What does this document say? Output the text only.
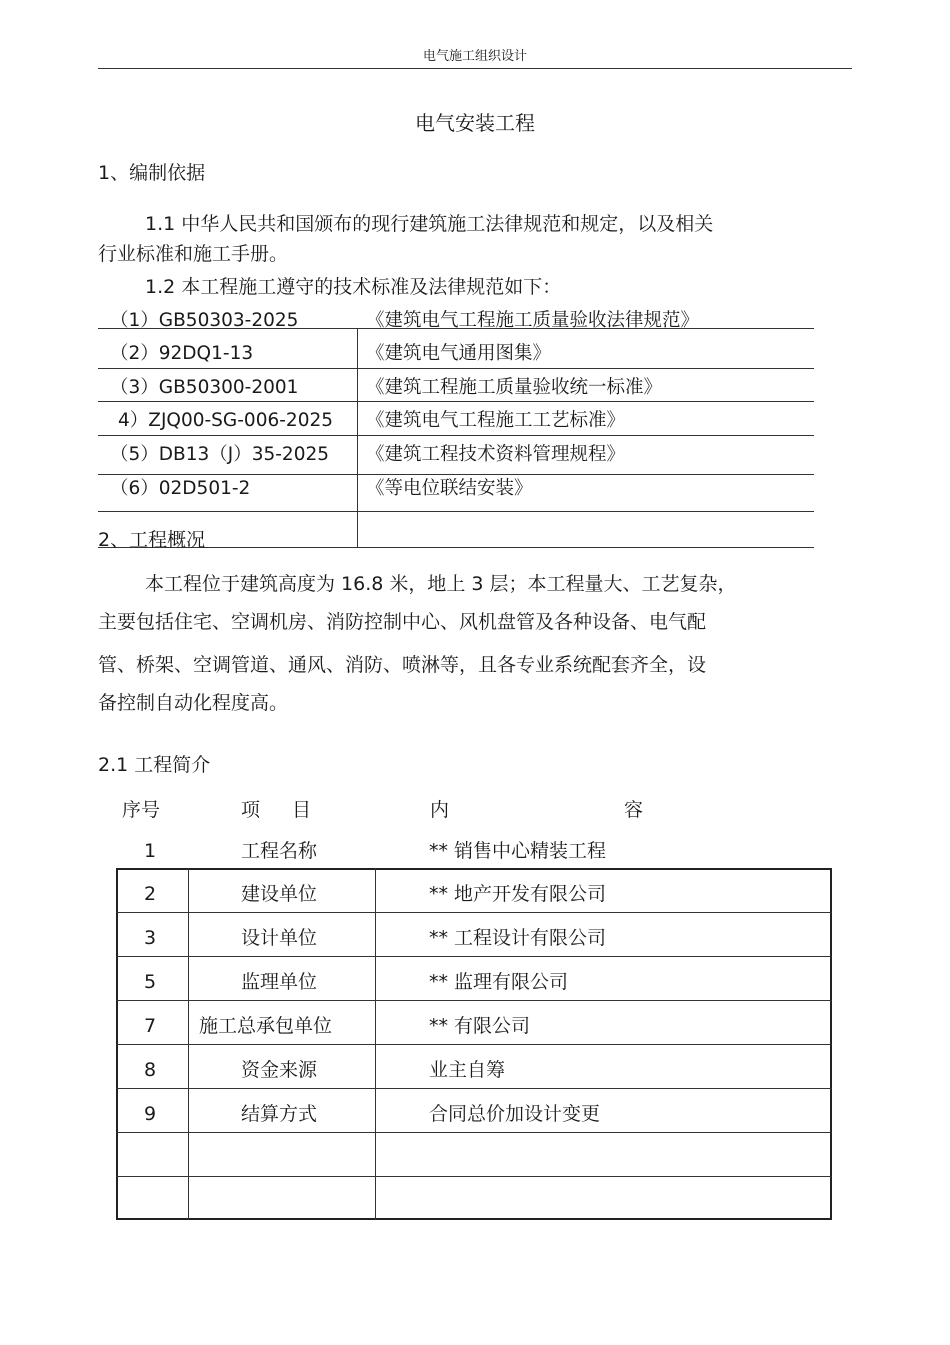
电气施工组织设计
电气安装工程
1、编制依据
1.1 中华人民共和国颁布的现行建筑施工法律规范和规定，以及相关
行业标准和施工手册。
1.2 本工程施工遵守的技术标准及法律规范如下：
（1）GB50303-2025	《建筑电气工程施工质量验收法律规范》
（2）92DQ1-13	《建筑电气通用图集》
（3）GB50300-2001	《建筑工程施工质量验收统一标准》
4）ZJQ00-SG-006-2025 《建筑电气工程施工工艺标准》
（5）DB13（J）35-2025 《建筑工程技术资料管理规程》
（6）02D501-2	《等电位联结安装》
2、工程概况
本工程位于建筑高度为 16.8 米，地上 3 层；本工程量大、工艺复杂，
主要包括住宅、空调机房、消防控制中心、风机盘管及各种设备、电气配
管、桥架、空调管道、通风、消防、喷淋等，且各专业系统配套齐全，设
备控制自动化程度高。
2.1 工程简介
序号	项 目	内	容
1	工程名称	** 销售中心精装工程
2	建设单位	** 地产开发有限公司
3	设计单位	** 工程设计有限公司
5	监理单位	** 监理有限公司
7 施工总承包单位	** 有限公司
8	资金来源	业主自筹
9	结算方式	合同总价加设计变更
